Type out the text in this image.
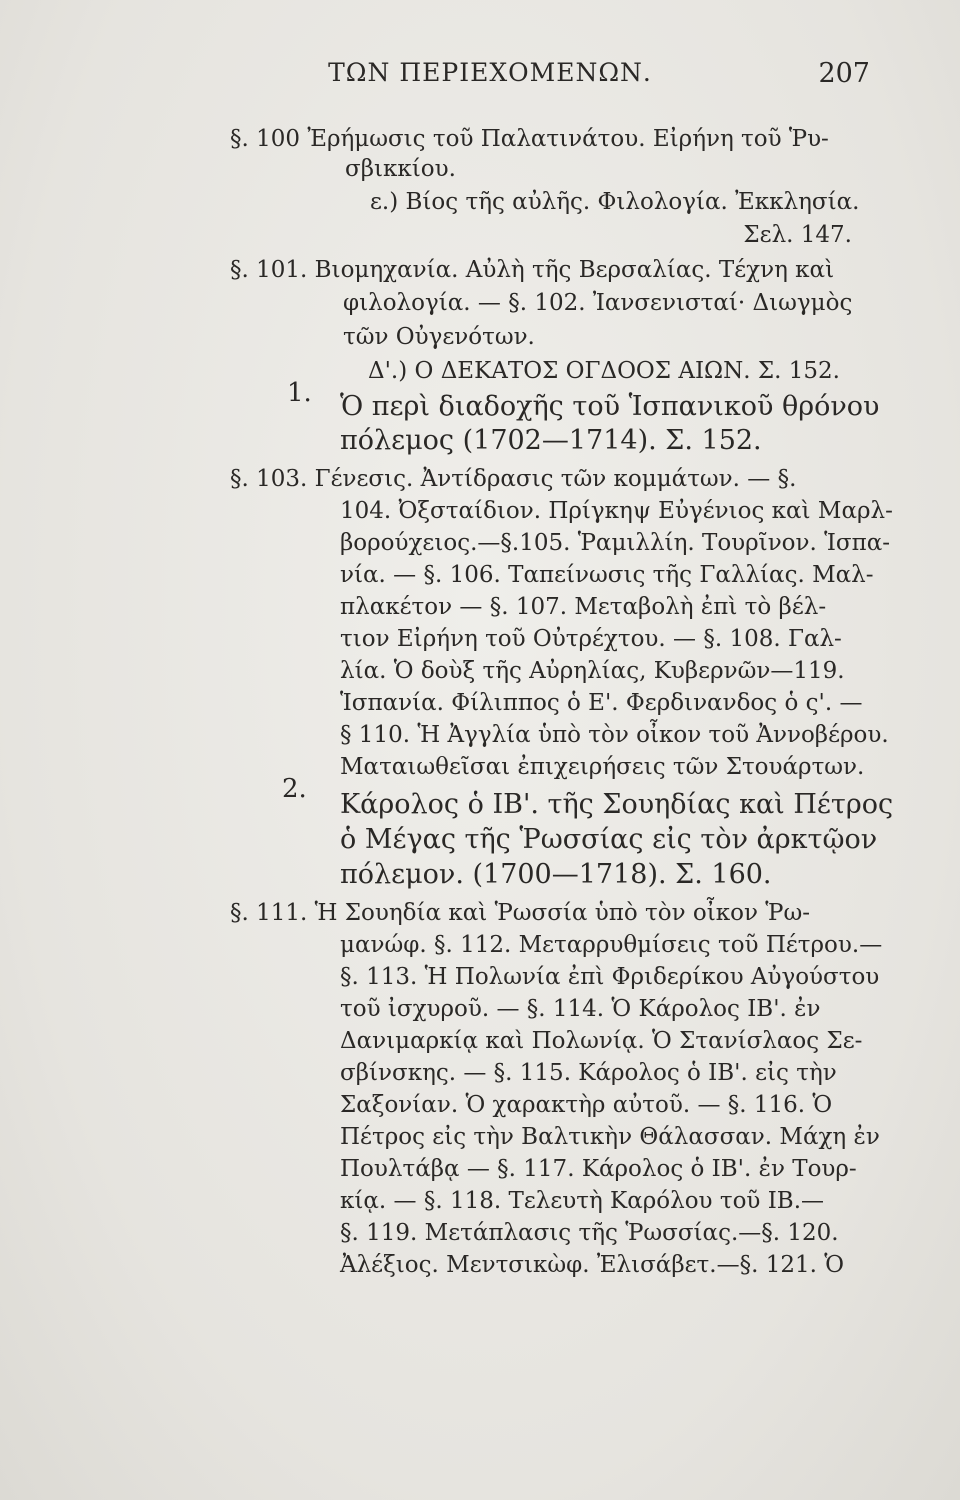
ΤΩΝ ΠΕΡΙΕΧΟΜΕΝΩΝ.	207
§. 100 Ἐρήμωσις τοῦ Παλατινάτου. Εἰρήνη τοῦ Ῥυ-
σβικκίου.
ε.) Βίος τῆς αὐλῆς. Φιλολογία. Ἐκκλησία.
Σελ. 147.
§. 101. Βιομηχανία. Αὐλὴ τῆς Βερσαλίας. Τέχνη καὶ
φιλολογία. — §. 102. Ἰανσενισταί· Διωγμὸς
τῶν Οὐγενότων.
Δ'.) Ο ΔΕΚΑΤΟΣ ΟΓΔΟΟΣ ΑΙΩΝ. Σ. 152.
1. Ὁ περὶ διαδοχῆς τοῦ Ἱσπανικοῦ θρόνου
πόλεμος (1702—1714). Σ. 152.
§. 103. Γένεσις. Ἀντίδρασις τῶν κομμάτων. — §.
104. Ὀξσταίδιον. Πρίγκηψ Εὐγένιος καὶ Μαρλ-
βορούχειος.—§.105. Ῥαμιλλίη. Τουρῖνον. Ἱσπα-
νία. — §. 106. Ταπείνωσις τῆς Γαλλίας. Μαλ-
πλακέτον — §. 107. Μεταβολὴ ἐπὶ τὸ βέλ-
τιον Εἰρήνη τοῦ Οὐτρέχτου. — §. 108. Γαλ-
λία. Ὁ δοὺξ τῆς Αὐρηλίας, Κυβερνῶν—119.
Ἱσπανία. Φίλιππος ὁ Ε'. Φερδινανδος ὁ ς'. —
§ 110. Ἡ Ἀγγλία ὑπὸ τὸν οἶκον τοῦ Ἀννοβέρου.
Ματαιωθεῖσαι ἐπιχειρήσεις τῶν Στουάρτων.
2. Κάρολος ὁ ΙΒ'. τῆς Σουηδίας καὶ Πέτρος
ὁ Μέγας τῆς Ῥωσσίας εἰς τὸν ἀρκτῷον
πόλεμον. (1700—1718). Σ. 160.
§. 111. Ἡ Σουηδία καὶ Ῥωσσία ὑπὸ τὸν οἶκον Ῥω-
μανώφ. §. 112. Μεταρρυθμίσεις τοῦ Πέτρου.—
§. 113. Ἡ Πολωνία ἐπὶ Φριδερίκου Αὐγούστου
τοῦ ἰσχυροῦ. — §. 114. Ὁ Κάρολος ΙΒ'. ἐν
Δανιμαρκίᾳ καὶ Πολωνίᾳ. Ὁ Στανίσλαος Σε-
σβίνσκης. — §. 115. Κάρολος ὁ ΙΒ'. εἰς τὴν
Σαξονίαν. Ὁ χαρακτὴρ αὐτοῦ. — §. 116. Ὁ
Πέτρος εἰς τὴν Βαλτικὴν Θάλασσαν. Μάχη ἐν
Πουλτάβᾳ — §. 117. Κάρολος ὁ ΙΒ'. ἐν Τουρ-
κίᾳ. — §. 118. Τελευτὴ Καρόλου τοῦ ΙΒ.—
§. 119. Μετάπλασις τῆς Ῥωσσίας.—§. 120.
Ἀλέξιος. Μεντσικὼφ. Ἐλισάβετ.—§. 121. Ὁ
